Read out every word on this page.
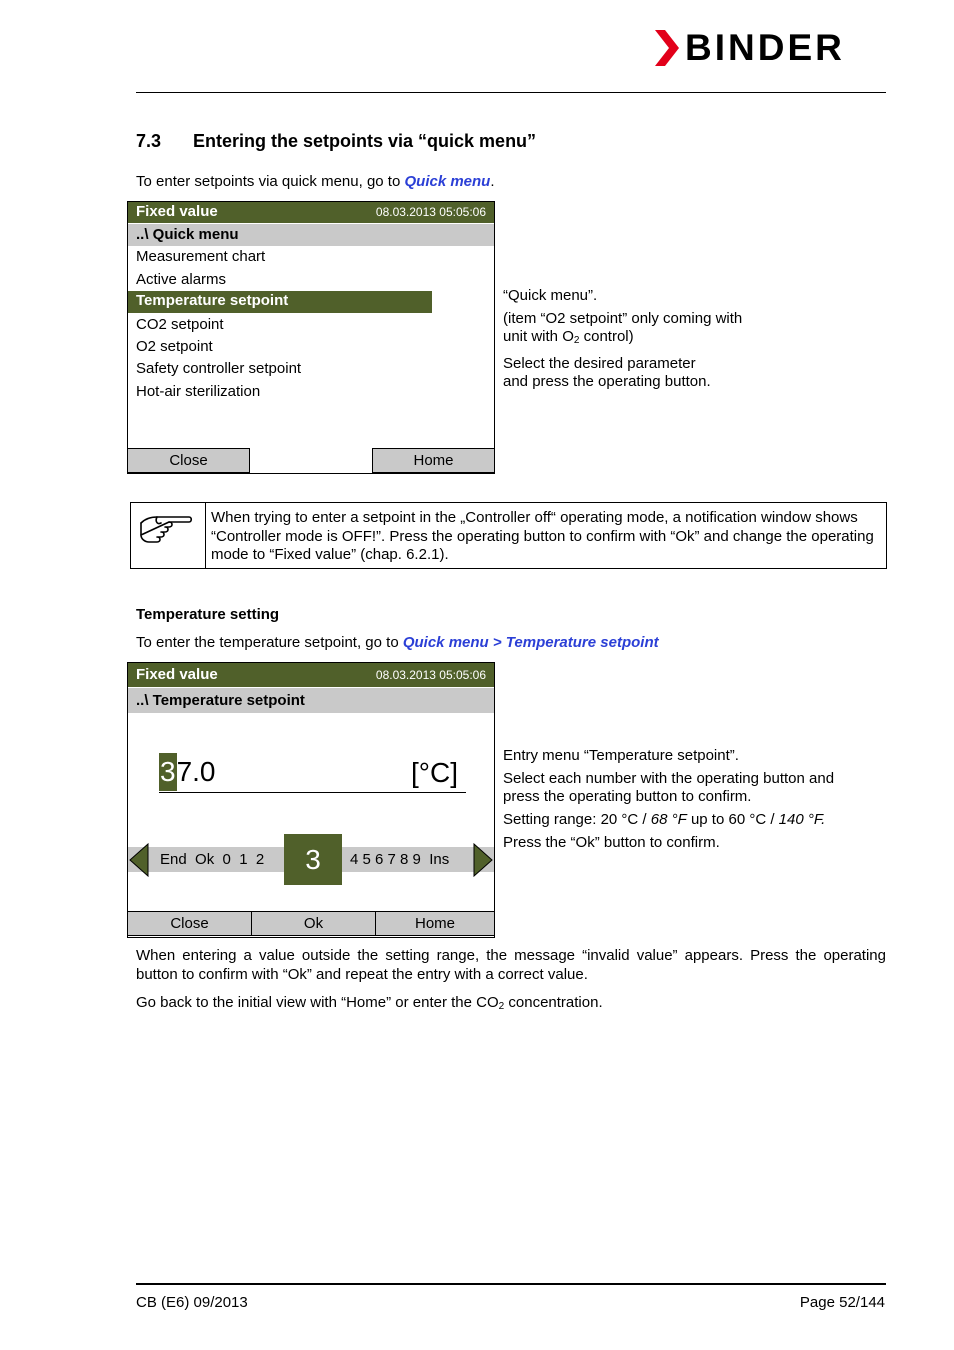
BINDER
7.3 Entering the setpoints via “quick menu”
To enter setpoints via quick menu, go to Quick menu.
Fixed value	08.03.2013 05:05:06
..\ Quick menu
Measurement chart
Active alarms
Temperature setpoint
CO2 setpoint
O2 setpoint
Safety controller setpoint
Hot-air sterilization
Close	Home

“Quick menu”.

(item “O2 setpoint” only coming with
unit with $O_2$ control)

Select the desired parameter
and press the operating button.

When trying to enter a setpoint in the „Controller off“ operating mode, a notification window shows “Controller mode is OFF!”. Press the operating button to confirm with “Ok” and change the operating mode to “Fixed value” (chap. 6.2.1).
Temperature setting
To enter the temperature setpoint, go to Quick menu > Temperature setpoint
Fixed value	08.03.2013 05:05:06
..\ Temperature setpoint
37.0	[°C]
End  Ok  0  1  2	3	4 5 6 7 8 9  Ins
Close	Ok	Home

Entry menu “Temperature setpoint”.

Select each number with the operating button and press the operating button to confirm.

Setting range: 20 °C / 68 °F up to 60 °C / 140 °F.

Press the “Ok” button to confirm.

When entering a value outside the setting range, the message “invalid value” appears. Press the operating button to confirm with “Ok” and repeat the entry with a correct value.
Go back to the initial view with “Home” or enter the $CO_2$ concentration.
CB (E6) 09/2013	Page 52/144
